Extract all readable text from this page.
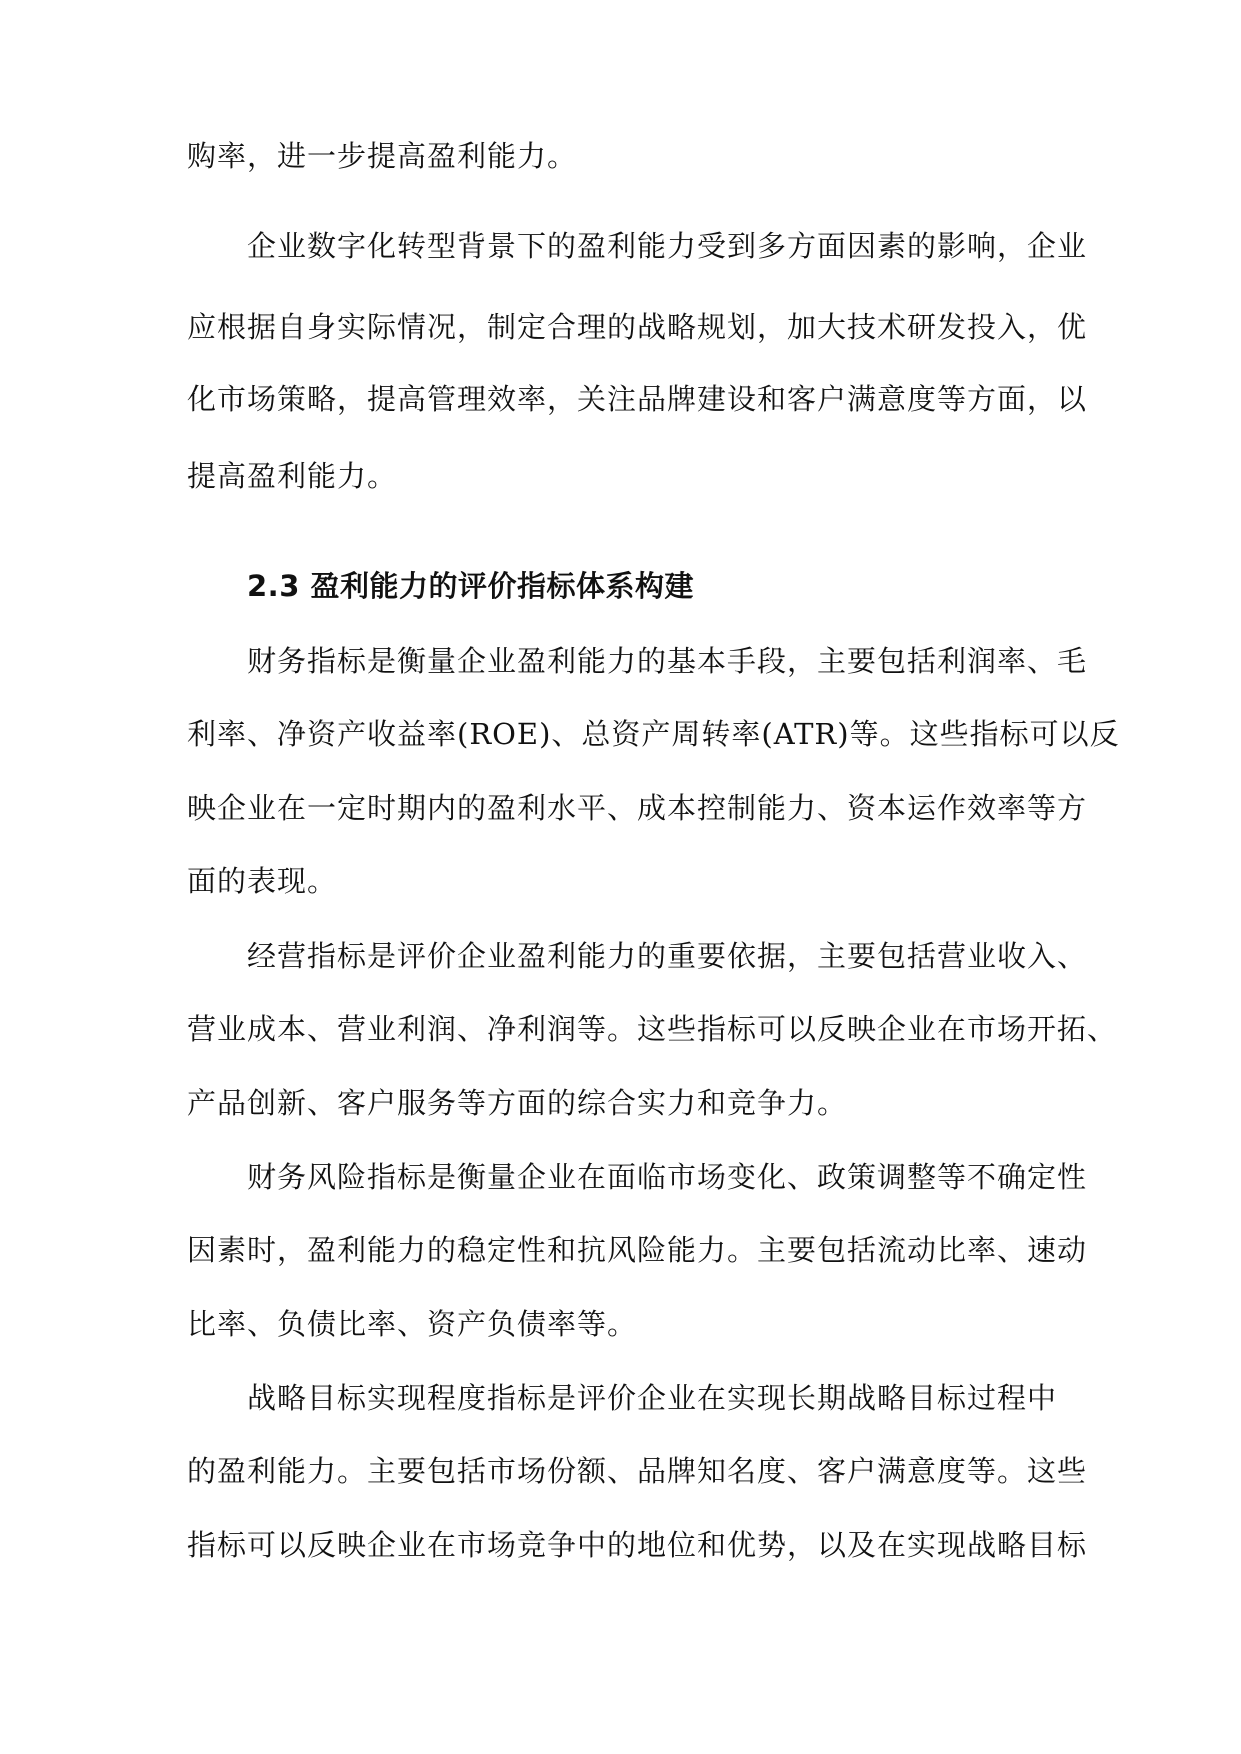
购率，进一步提高盈利能力。
企业数字化转型背景下的盈利能力受到多方面因素的影响，企业
应根据自身实际情况，制定合理的战略规划，加大技术研发投入，优
化市场策略，提高管理效率，关注品牌建设和客户满意度等方面，以
提高盈利能力。
2.3 盈利能力的评价指标体系构建
财务指标是衡量企业盈利能力的基本手段，主要包括利润率、毛
利率、净资产收益率(ROE)、总资产周转率(ATR)等。这些指标可以反
映企业在一定时期内的盈利水平、成本控制能力、资本运作效率等方
面的表现。
经营指标是评价企业盈利能力的重要依据，主要包括营业收入、
营业成本、营业利润、净利润等。这些指标可以反映企业在市场开拓、
产品创新、客户服务等方面的综合实力和竞争力。
财务风险指标是衡量企业在面临市场变化、政策调整等不确定性
因素时，盈利能力的稳定性和抗风险能力。主要包括流动比率、速动
比率、负债比率、资产负债率等。
战略目标实现程度指标是评价企业在实现长期战略目标过程中
的盈利能力。主要包括市场份额、品牌知名度、客户满意度等。这些
指标可以反映企业在市场竞争中的地位和优势，以及在实现战略目标
